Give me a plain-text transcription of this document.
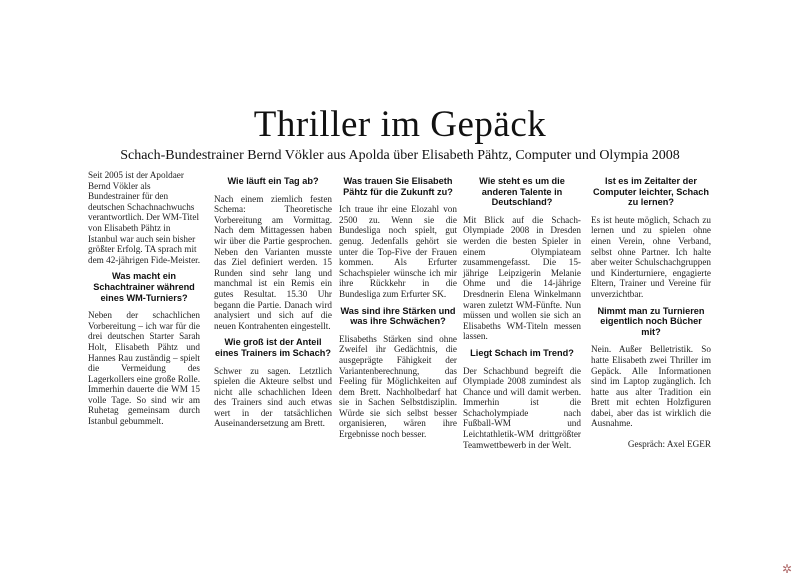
Thriller im Gepäck
Schach-Bundestrainer Bernd Vökler aus Apolda über Elisabeth Pähtz, Computer und Olympia 2008

Seit 2005 ist der Apoldaer Bernd Vökler als Bundestrainer für den deutschen Schachnachwuchs verantwortlich. Der WM-Titel von Elisabeth Pähtz in Istanbul war auch sein bisher größter Erfolg. TA sprach mit dem 42-jährigen Fide-Meister.

Was macht ein Schachtrainer während eines WM-Turniers?

Neben der schachlichen Vorbereitung – ich war für die drei deutschen Starter Sarah Holt, Elisabeth Pähtz und Hannes Rau zuständig – spielt die Vermeidung des Lagerkollers eine große Rolle. Immerhin dauerte die WM 15 volle Tage. So sind wir am Ruhetag gemeinsam durch Istanbul gebummelt.

Wie läuft ein Tag ab?

Nach einem ziemlich festen Schema: Theoretische Vorbereitung am Vormittag. Nach dem Mittagessen haben wir über die Partie gesprochen. Neben den Varianten musste das Ziel definiert werden. 15 Runden sind sehr lang und manchmal ist ein Remis ein gutes Resultat. 15.30 Uhr begann die Partie. Danach wird analysiert und sich auf die neuen Kontrahenten eingestellt.

Wie groß ist der Anteil eines Trainers im Schach?

Schwer zu sagen. Letztlich spielen die Akteure selbst und nicht alle schachlichen Ideen des Trainers sind auch etwas wert in der tatsächlichen Auseinandersetzung am Brett.

Was trauen Sie Elisabeth Pähtz für die Zukunft zu?

Ich traue ihr eine Elozahl von 2500 zu. Wenn sie die Bundesliga noch spielt, gut genug. Jedenfalls gehört sie unter die Top-Five der Frauen kommen. Als Erfurter Schachspieler wünsche ich mir ihre Rückkehr in die Bundesliga zum Erfurter SK.

Was sind ihre Stärken und was ihre Schwächen?

Elisabeths Stärken sind ohne Zweifel ihr Gedächtnis, die ausgeprägte Fähigkeit der Variantenberechnung, das Feeling für Möglichkeiten auf dem Brett. Nachholbedarf hat sie in Sachen Selbstdisziplin. Würde sie sich selbst besser organisieren, wären ihre Ergebnisse noch besser.

Wie steht es um die anderen Talente in Deutschland?

Mit Blick auf die Schach-Olympiade 2008 in Dresden werden die besten Spieler in einem Olympiateam zusammengefasst. Die 15-jährige Leipzigerin Melanie Ohme und die 14-jährige Dresdnerin Elena Winkelmann waren zuletzt WM-Fünfte. Nun müssen und wollen sie sich an Elisabeths WM-Titeln messen lassen.

Liegt Schach im Trend?

Der Schachbund begreift die Olympiade 2008 zumindest als Chance und will damit werben. Immerhin ist die Schacholympiade nach Fußball-WM und Leichtathletik-WM drittgrößter Teamwettbewerb in der Welt.

Ist es im Zeitalter der Computer leichter, Schach zu lernen?

Es ist heute möglich, Schach zu lernen und zu spielen ohne einen Verein, ohne Verband, selbst ohne Partner. Ich halte aber weiter Schulschachgruppen und Kinderturniere, engagierte Eltern, Trainer und Vereine für unverzichtbar.

Nimmt man zu Turnieren eigentlich noch Bücher mit?

Nein. Außer Belletristik. So hatte Elisabeth zwei Thriller im Gepäck. Alle Informationen sind im Laptop zugänglich. Ich hatte aus alter Tradition ein Brett mit echten Holzfiguren dabei, aber das ist wirklich die Ausnahme.

Gespräch: Axel EGER

✲
